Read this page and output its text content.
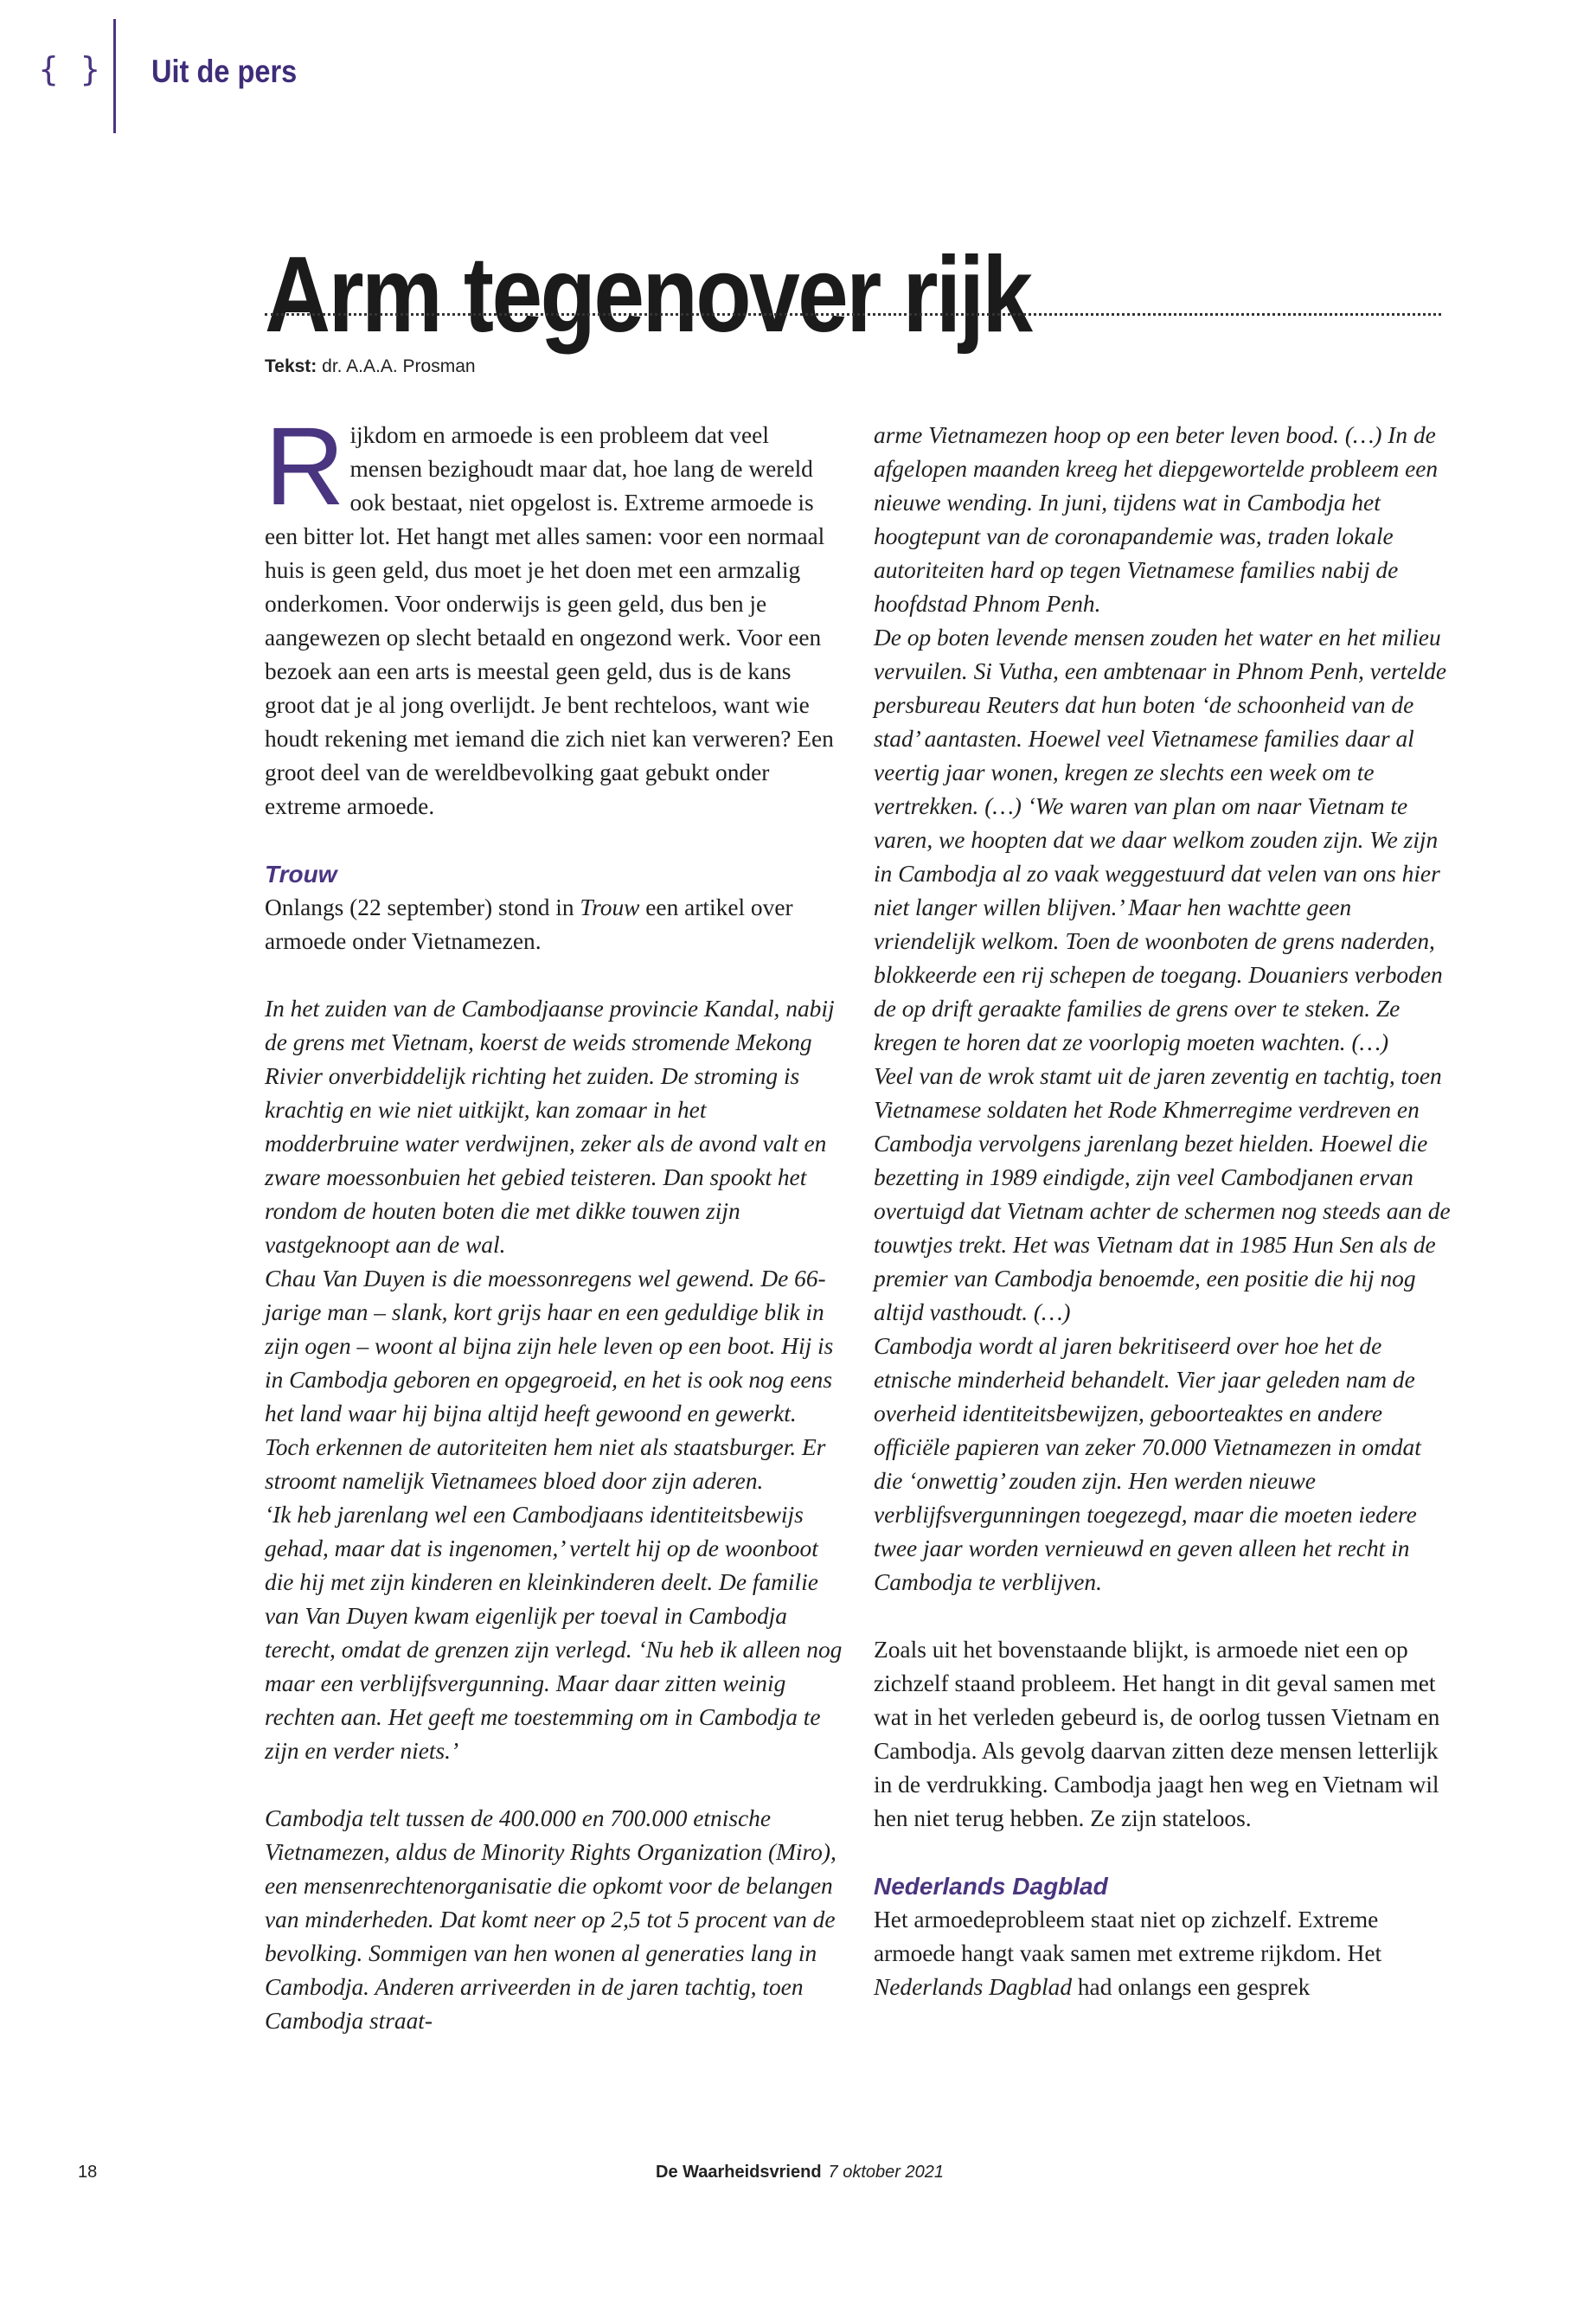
{ } Uit de pers
Arm tegenover rijk
Tekst: dr. A.A.A. Prosman

Rijkdom en armoede is een probleem dat veel mensen bezighoudt maar dat, hoe lang de wereld ook bestaat, niet opgelost is. Extreme armoede is een bitter lot. Het hangt met alles samen: voor een normaal huis is geen geld, dus moet je het doen met een armzalig onderkomen. Voor onderwijs is geen geld, dus ben je aangewezen op slecht betaald en ongezond werk. Voor een bezoek aan een arts is meestal geen geld, dus is de kans groot dat je al jong overlijdt. Je bent rechteloos, want wie houdt rekening met iemand die zich niet kan verweren? Een groot deel van de wereldbevolking gaat gebukt onder extreme armoede.

Trouw

Onlangs (22 september) stond in Trouw een artikel over armoede onder Vietnamezen.

In het zuiden van de Cambodjaanse provincie Kandal, nabij de grens met Vietnam, koerst de weids stromende Mekong Rivier onverbiddelijk richting het zuiden. De stroming is krachtig en wie niet uitkijkt, kan zomaar in het modderbruine water verdwijnen, zeker als de avond valt en zware moessonbuien het gebied teisteren. Dan spookt het rondom de houten boten die met dikke touwen zijn vastgeknoopt aan de wal.

Chau Van Duyen is die moessonregens wel gewend. De 66-jarige man – slank, kort grijs haar en een geduldige blik in zijn ogen – woont al bijna zijn hele leven op een boot. Hij is in Cambodja geboren en opgegroeid, en het is ook nog eens het land waar hij bijna altijd heeft gewoond en gewerkt. Toch erkennen de autoriteiten hem niet als staatsburger. Er stroomt namelijk Vietnamees bloed door zijn aderen.

‘Ik heb jarenlang wel een Cambodjaans identiteitsbewijs gehad, maar dat is ingenomen,’ vertelt hij op de woonboot die hij met zijn kinderen en kleinkinderen deelt. De familie van Van Duyen kwam eigenlijk per toeval in Cambodja terecht, omdat de grenzen zijn verlegd. ‘Nu heb ik alleen nog maar een verblijfsvergunning. Maar daar zitten weinig rechten aan. Het geeft me toestemming om in Cambodja te zijn en verder niets.’

Cambodja telt tussen de 400.000 en 700.000 etnische Vietnamezen, aldus de Minority Rights Organization (Miro), een mensenrechtenorganisatie die opkomt voor de belangen van minderheden. Dat komt neer op 2,5 tot 5 procent van de bevolking. Sommigen van hen wonen al generaties lang in Cambodja. Anderen arriveerden in de jaren tachtig, toen Cambodja straat-

arme Vietnamezen hoop op een beter leven bood. (…) In de afgelopen maanden kreeg het diepgewortelde probleem een nieuwe wending. In juni, tijdens wat in Cambodja het hoogtepunt van de coronapandemie was, traden lokale autoriteiten hard op tegen Vietnamese families nabij de hoofdstad Phnom Penh.

De op boten levende mensen zouden het water en het milieu vervuilen. Si Vutha, een ambtenaar in Phnom Penh, vertelde persbureau Reuters dat hun boten ‘de schoonheid van de stad’ aantasten. Hoewel veel Vietnamese families daar al veertig jaar wonen, kregen ze slechts een week om te vertrekken. (…) ‘We waren van plan om naar Vietnam te varen, we hoopten dat we daar welkom zouden zijn. We zijn in Cambodja al zo vaak weggestuurd dat velen van ons hier niet langer willen blijven.’ Maar hen wachtte geen vriendelijk welkom. Toen de woonboten de grens naderden, blokkeerde een rij schepen de toegang. Douaniers verboden de op drift geraakte families de grens over te steken. Ze kregen te horen dat ze voorlopig moeten wachten. (…)

Veel van de wrok stamt uit de jaren zeventig en tachtig, toen Vietnamese soldaten het Rode Khmerregime verdreven en Cambodja vervolgens jarenlang bezet hielden. Hoewel die bezetting in 1989 eindigde, zijn veel Cambodjanen ervan overtuigd dat Vietnam achter de schermen nog steeds aan de touwtjes trekt. Het was Vietnam dat in 1985 Hun Sen als de premier van Cambodja benoemde, een positie die hij nog altijd vasthoudt. (…)

Cambodja wordt al jaren bekritiseerd over hoe het de etnische minderheid behandelt. Vier jaar geleden nam de overheid identiteitsbewijzen, geboorteaktes en andere officiële papieren van zeker 70.000 Vietnamezen in omdat die ‘onwettig’ zouden zijn. Hen werden nieuwe verblijfsvergunningen toegezegd, maar die moeten iedere twee jaar worden vernieuwd en geven alleen het recht in Cambodja te verblijven.

Zoals uit het bovenstaande blijkt, is armoede niet een op zichzelf staand probleem. Het hangt in dit geval samen met wat in het verleden gebeurd is, de oorlog tussen Vietnam en Cambodja. Als gevolg daarvan zitten deze mensen letterlijk in de verdrukking. Cambodja jaagt hen weg en Vietnam wil hen niet terug hebben. Ze zijn stateloos.

Nederlands Dagblad

Het armoedeprobleem staat niet op zichzelf. Extreme armoede hangt vaak samen met extreme rijkdom. Het Nederlands Dagblad had onlangs een gesprek

18	De Waarheidsvriend 7 oktober 2021
